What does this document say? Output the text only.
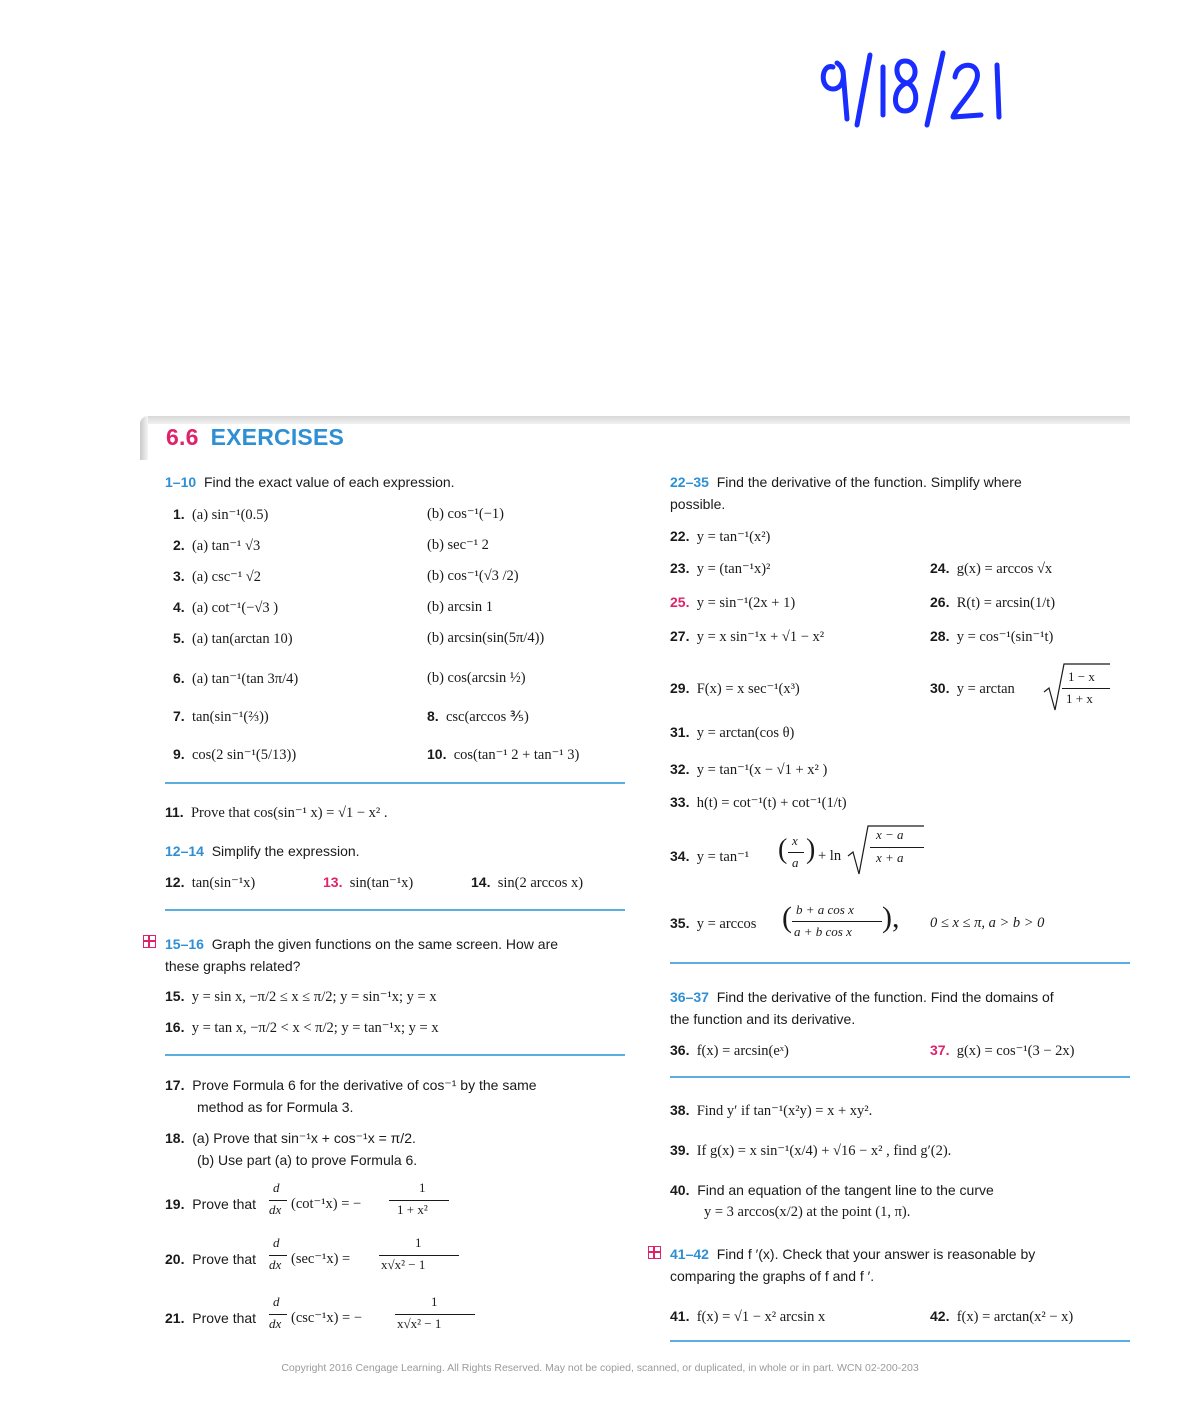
6.6 EXERCISES
1–10 Find the exact value of each expression.
1. (a) sin⁻¹(0.5)	(b) cos⁻¹(−1)
2. (a) tan⁻¹ √3	(b) sec⁻¹ 2
3. (a) csc⁻¹ √2	(b) cos⁻¹(√3 /2)
4. (a) cot⁻¹(−√3 )	(b) arcsin 1
5. (a) tan(arctan 10)	(b) arcsin(sin(5π/4))
6. (a) tan⁻¹(tan 3π/4)	(b) cos(arcsin ½)
7. tan(sin⁻¹(⅔))	8. csc(arccos ⅗)
9. cos(2 sin⁻¹(5/13))	10. cos(tan⁻¹ 2 + tan⁻¹ 3)
11. Prove that cos(sin⁻¹ x) = √1 − x² .
12–14 Simplify the expression.
12. tan(sin⁻¹x)	13. sin(tan⁻¹x)	14. sin(2 arccos x)
15–16 Graph the given functions on the same screen. How are
these graphs related?
15. y = sin x, −π/2 ≤ x ≤ π/2; y = sin⁻¹x; y = x
16. y = tan x, −π/2 < x < π/2; y = tan⁻¹x; y = x
17. Prove Formula 6 for the derivative of cos⁻¹ by the same
method as for Formula 3.
18. (a) Prove that sin⁻¹x + cos⁻¹x = π/2.
(b) Use part (a) to prove Formula 6.
19. Prove that
d
dx (cot⁻¹x) = −
1
1 + x²
20. Prove that
d
dx (sec⁻¹x) =
1
x√x² − 1
21. Prove that
d
dx (csc⁻¹x) = −
1
x√x² − 1
22–35 Find the derivative of the function. Simplify where
possible.
22. y = tan⁻¹(x²)
23. y = (tan⁻¹x)²	24. g(x) = arccos √x
25. y = sin⁻¹(2x + 1)	26. R(t) = arcsin(1/t)
27. y = x sin⁻¹x + √1 − x²	28. y = cos⁻¹(sin⁻¹t)
29. F(x) = x sec⁻¹(x³)	30. y = arctan
1 − x
1 + x
31. y = arctan(cos θ)
32. y = tan⁻¹(x − √1 + x² )
33. h(t) = cot⁻¹(t) + cot⁻¹(1/t)
34. y = tan⁻¹ ( x
a ) + ln
x − a
x + a
35. y = arccos ( b + a cos x
a + b cos x ), 0 ≤ x ≤ π, a > b > 0
36–37 Find the derivative of the function. Find the domains of
the function and its derivative.
36. f(x) = arcsin(eˣ)	37. g(x) = cos⁻¹(3 − 2x)
38. Find y′ if tan⁻¹(x²y) = x + xy².
39. If g(x) = x sin⁻¹(x/4) + √16 − x² , find g′(2).
40. Find an equation of the tangent line to the curve
y = 3 arccos(x/2) at the point (1, π).
41–42 Find f ′(x). Check that your answer is reasonable by
comparing the graphs of f and f ′.
41. f(x) = √1 − x² arcsin x	42. f(x) = arctan(x² − x)
Copyright 2016 Cengage Learning. All Rights Reserved. May not be copied, scanned, or duplicated, in whole or in part. WCN 02-200-203
